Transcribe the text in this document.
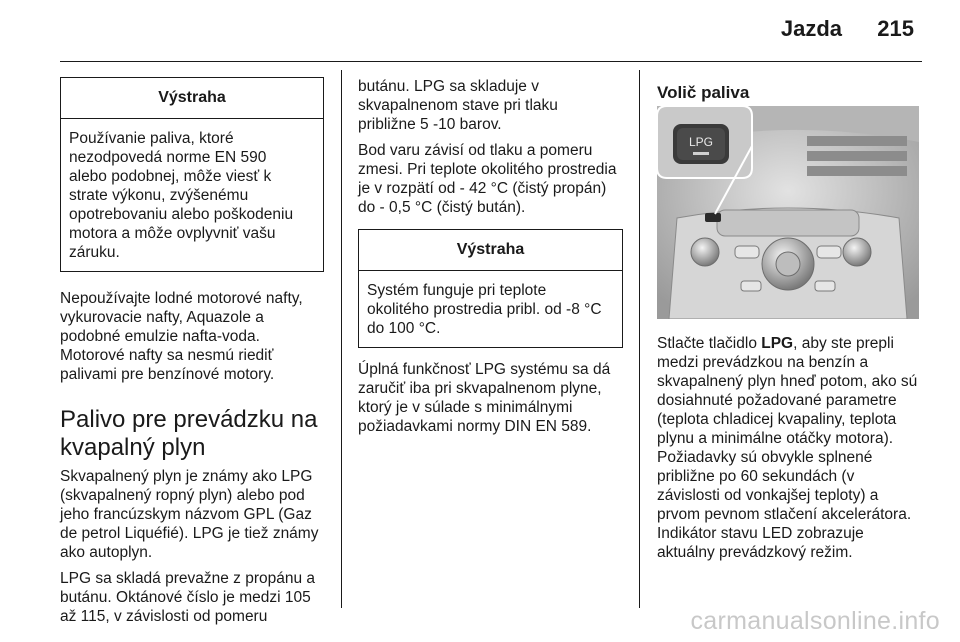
Jazda 215
Výstraha
Používanie paliva, ktoré
nezodpovedá norme EN 590
alebo podobnej, môže viesť k
strate výkonu, zvýšenému
opotrebovaniu alebo poškodeniu
motora a môže ovplyvniť vašu
záruku.

Nepoužívajte lodné motorové nafty,
vykurovacie nafty, Aquazole a
podobné emulzie nafta-voda.
Motorové nafty sa nesmú riediť
palivami pre benzínové motory.

Palivo pre prevádzku na
kvapalný plyn

Skvapalnený plyn je známy ako LPG
(skvapalnený ropný plyn) alebo pod
jeho francúzskym názvom GPL (Gaz
de petrol Liquéfié). LPG je tiež známy
ako autoplyn.

LPG sa skladá prevažne z propánu a
butánu. Oktánové číslo je medzi 105
až 115, v závislosti od pomeru

butánu. LPG sa skladuje v
skvapalnenom stave pri tlaku
približne 5 -10 barov.

Bod varu závisí od tlaku a pomeru
zmesi. Pri teplote okolitého prostredia
je v rozpätí od - 42 °C (čistý propán)
do - 0,5 °C (čistý bután).

Výstraha
Systém funguje pri teplote
okolitého prostredia pribl. od -8 °C
do 100 °C.

Úplná funkčnosť LPG systému sa dá
zaručiť iba pri skvapalnenom plyne,
ktorý je v súlade s minimálnymi
požiadavkami normy DIN EN 589.

Volič paliva
LPG

Stlačte tlačidlo LPG, aby ste prepli
medzi prevádzkou na benzín a
skvapalnený plyn hneď potom, ako sú
dosiahnuté požadované parametre
(teplota chladicej kvapaliny, teplota
plynu a minimálne otáčky motora).
Požiadavky sú obvykle splnené
približne po 60 sekundách (v
závislosti od vonkajšej teploty) a
prvom pevnom stlačení akcelerátora.
Indikátor stavu LED zobrazuje
aktuálny prevádzkový režim.

carmanualsonline.info
